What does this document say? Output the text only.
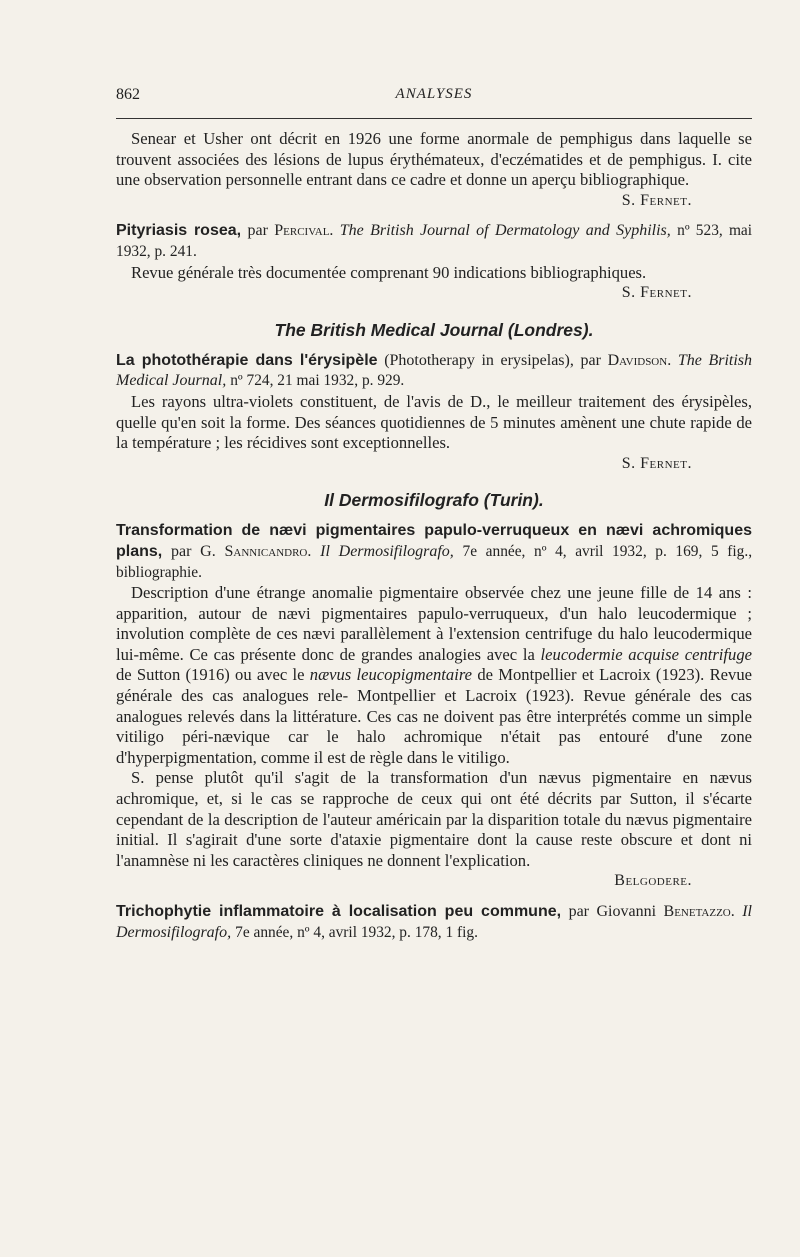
862	ANALYSES

Senear et Usher ont décrit en 1926 une forme anormale de pemphigus dans laquelle se trouvent associées des lésions de lupus érythémateux, d'eczématides et de pemphigus. I. cite une observation personnelle entrant dans ce cadre et donne un aperçu bibliographique.

S. Fernet.

Pityriasis rosea, par Percival. The British Journal of Dermatology and Syphilis, nº 523, mai 1932, p. 241.

Revue générale très documentée comprenant 90 indications bibliographiques.

S. Fernet.
The British Medical Journal (Londres).

La photothérapie dans l'érysipèle (Phototherapy in erysipelas), par Davidson. The British Medical Journal, nº 724, 21 mai 1932, p. 929.

Les rayons ultra-violets constituent, de l'avis de D., le meilleur traitement des érysipèles, quelle qu'en soit la forme. Des séances quotidiennes de 5 minutes amènent une chute rapide de la température ; les récidives sont exceptionnelles.

S. Fernet.
Il Dermosifilografo (Turin).

Transformation de nævi pigmentaires papulo-verruqueux en nævi achromiques plans, par G. Sannicandro. Il Dermosifilografo, 7e année, nº 4, avril 1932, p. 169, 5 fig., bibliographie.

Description d'une étrange anomalie pigmentaire observée chez une jeune fille de 14 ans : apparition, autour de nævi pigmentaires papulo-verruqueux, d'un halo leucodermique ; involution complète de ces nævi parallèlement à l'extension centrifuge du halo leucodermique lui-même. Ce cas présente donc de grandes analogies avec la leucodermie acquise centrifuge de Sutton (1916) ou avec le nævus leucopigmentaire de Montpellier et Lacroix (1923). Revue générale des cas analogues rele- Montpellier et Lacroix (1923). Revue générale des cas analogues relevés dans la littérature. Ces cas ne doivent pas être interprétés comme un simple vitiligo péri-nævique car le halo achromique n'était pas entouré d'une zone d'hyperpigmentation, comme il est de règle dans le vitiligo.

S. pense plutôt qu'il s'agit de la transformation d'un nævus pigmentaire en nævus achromique, et, si le cas se rapproche de ceux qui ont été décrits par Sutton, il s'écarte cependant de la description de l'auteur américain par la disparition totale du nævus pigmentaire initial. Il s'agirait d'une sorte d'ataxie pigmentaire dont la cause reste obscure et dont ni l'anamnèse ni les caractères cliniques ne donnent l'explication.

Belgodere.

Trichophytie inflammatoire à localisation peu commune, par Giovanni Benetazzo. Il Dermosifilografo, 7e année, nº 4, avril 1932, p. 178, 1 fig.
